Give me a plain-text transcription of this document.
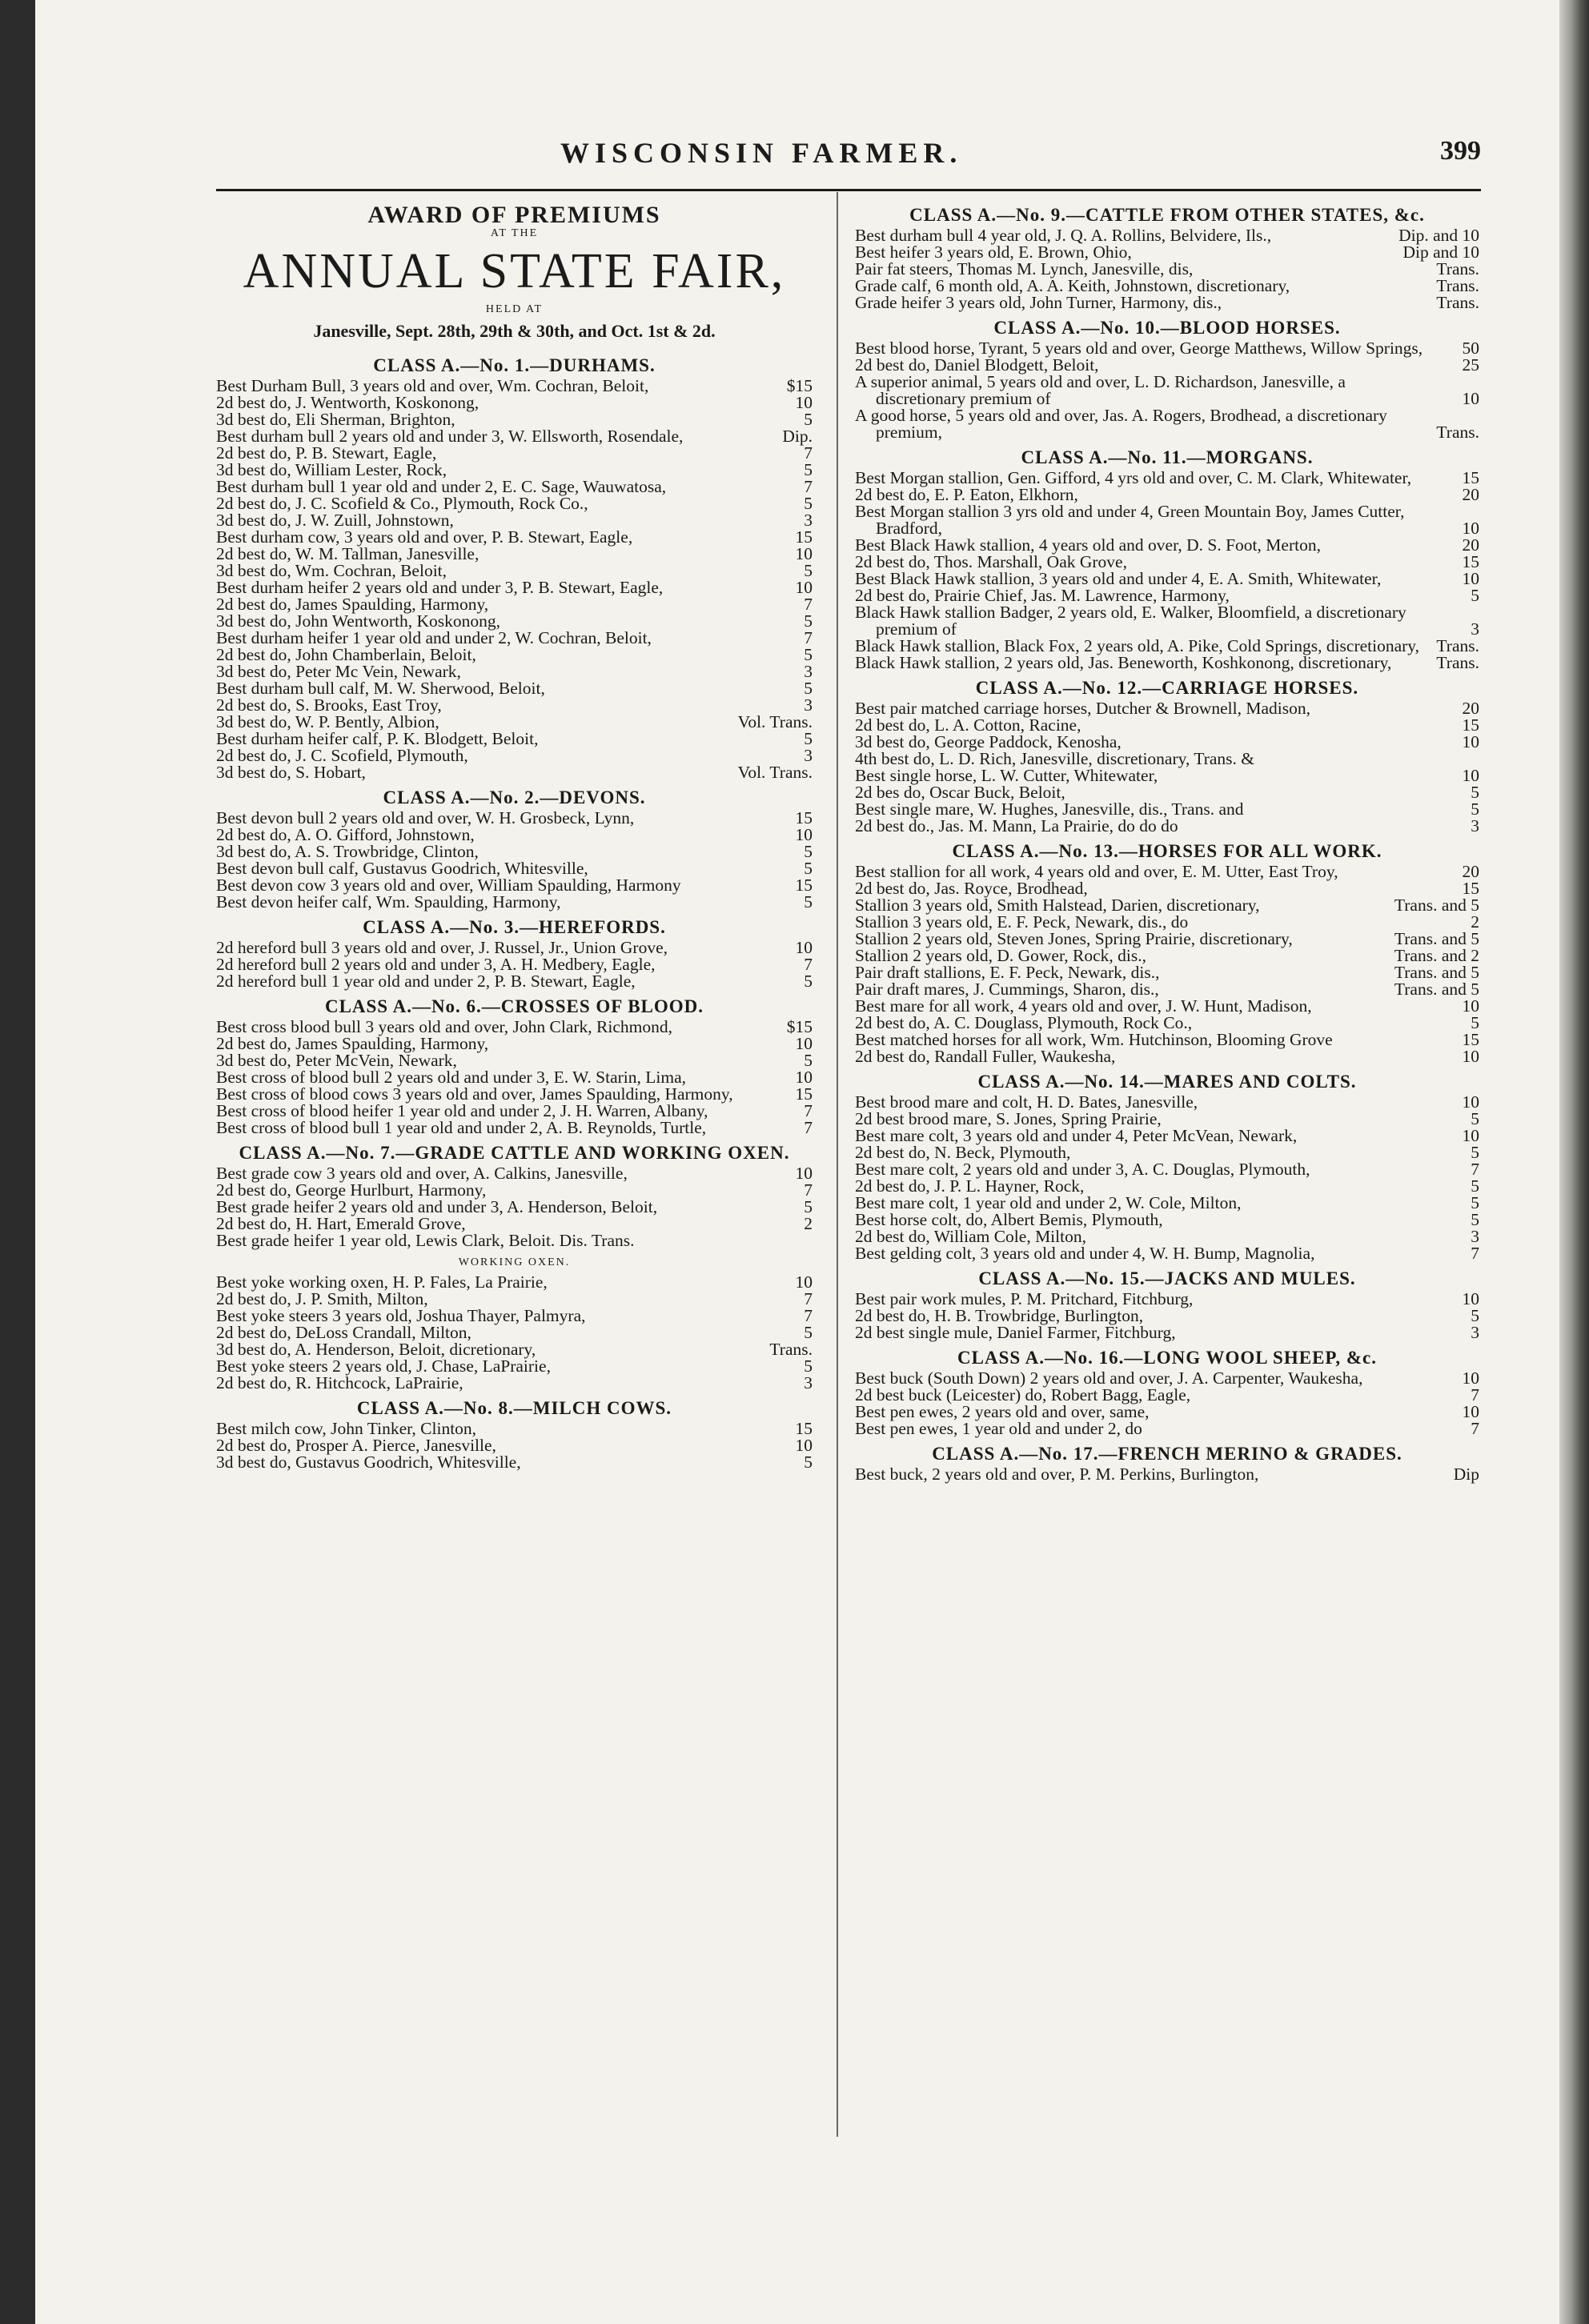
WISCONSIN FARMER.	399
AWARD OF PREMIUMS
AT THE
ANNUAL STATE FAIR,
HELD AT
Janesville, Sept. 28th, 29th & 30th, and Oct. 1st & 2d.
CLASS A.—No. 1.—DURHAMS.
Best Durham Bull, 3 years old and over, Wm. Cochran, Beloit,	$15
2d best do, J. Wentworth, Koskonong,	10
3d best do, Eli Sherman, Brighton,	5
Best durham bull 2 years old and under 3, W. Ellsworth, Rosendale,	Dip.
2d best do, P. B. Stewart, Eagle,	7
3d best do, William Lester, Rock,	5
Best durham bull 1 year old and under 2, E. C. Sage, Wauwatosa,	7
2d best do, J. C. Scofield & Co., Plymouth, Rock Co.,	5
3d best do, J. W. Zuill, Johnstown,	3
Best durham cow, 3 years old and over, P. B. Stewart, Eagle,	15
2d best do, W. M. Tallman, Janesville,	10
3d best do, Wm. Cochran, Beloit,	5
Best durham heifer 2 years old and under 3, P. B. Stewart, Eagle,	10
2d best do, James Spaulding, Harmony,	7
3d best do, John Wentworth, Koskonong,	5
Best durham heifer 1 year old and under 2, W. Cochran, Beloit,	7
2d best do, John Chamberlain, Beloit,	5
3d best do, Peter Mc Vein, Newark,	3
Best durham bull calf, M. W. Sherwood, Beloit,	5
2d best do, S. Brooks, East Troy,	3
3d best do, W. P. Bently, Albion,	Vol. Trans.
Best durham heifer calf, P. K. Blodgett, Beloit,	5
2d best do, J. C. Scofield, Plymouth,	3
3d best do, S. Hobart,	Vol. Trans.
CLASS A.—No. 2.—DEVONS.
Best devon bull 2 years old and over, W. H. Grosbeck, Lynn,	15
2d best do, A. O. Gifford, Johnstown,	10
3d best do, A. S. Trowbridge, Clinton,	5
Best devon bull calf, Gustavus Goodrich, Whitesville,	5
Best devon cow 3 years old and over, William Spaulding, Harmony	15
Best devon heifer calf, Wm. Spaulding, Harmony,	5
CLASS A.—No. 3.—HEREFORDS.
2d hereford bull 3 years old and over, J. Russel, Jr., Union Grove,	10
2d hereford bull 2 years old and under 3, A. H. Medbery, Eagle,	7
2d hereford bull 1 year old and under 2, P. B. Stewart, Eagle,	5
CLASS A.—No. 6.—CROSSES OF BLOOD.
Best cross blood bull 3 years old and over, John Clark, Richmond,	$15
2d best do, James Spaulding, Harmony,	10
3d best do, Peter McVein, Newark,	5
Best cross of blood bull 2 years old and under 3, E. W. Starin, Lima,	10
Best cross of blood cows 3 years old and over, James Spaulding, Harmony,	15
Best cross of blood heifer 1 year old and under 2, J. H. Warren, Albany,	7
Best cross of blood bull 1 year old and under 2, A. B. Reynolds, Turtle,	7
CLASS A.—No. 7.—GRADE CATTLE AND WORKING OXEN.
Best grade cow 3 years old and over, A. Calkins, Janesville,	10
2d best do, George Hurlburt, Harmony,	7
Best grade heifer 2 years old and under 3, A. Henderson, Beloit,	5
2d best do, H. Hart, Emerald Grove,	2
Best grade heifer 1 year old, Lewis Clark, Beloit. Dis. Trans.
WORKING OXEN.
Best yoke working oxen, H. P. Fales, La Prairie,	10
2d best do, J. P. Smith, Milton,	7
Best yoke steers 3 years old, Joshua Thayer, Palmyra,	7
2d best do, DeLoss Crandall, Milton,	5
3d best do, A. Henderson, Beloit, dicretionary,	Trans.
Best yoke steers 2 years old, J. Chase, LaPrairie,	5
2d best do, R. Hitchcock, LaPrairie,	3
CLASS A.—No. 8.—MILCH COWS.
Best milch cow, John Tinker, Clinton,	15
2d best do, Prosper A. Pierce, Janesville,	10
3d best do, Gustavus Goodrich, Whitesville,	5
CLASS A.—No. 9.—CATTLE FROM OTHER STATES, &c.
Best durham bull 4 year old, J. Q. A. Rollins, Belvidere, Ils.,	Dip. and 10
Best heifer 3 years old, E. Brown, Ohio,	Dip and 10
Pair fat steers, Thomas M. Lynch, Janesville, dis,	Trans.
Grade calf, 6 month old, A. A. Keith, Johnstown, discretionary,	Trans.
Grade heifer 3 years old, John Turner, Harmony, dis.,	Trans.
CLASS A.—No. 10.—BLOOD HORSES.
Best blood horse, Tyrant, 5 years old and over, George Matthews, Willow Springs, 50
2d best do, Daniel Blodgett, Beloit,	25
A superior animal, 5 years old and over, L. D. Richardson, Janesville, a discretionary premium of	10
A good horse, 5 years old and over, Jas. A. Rogers, Brodhead, a discretionary premium,	Trans.
CLASS A.—No. 11.—MORGANS.
Best Morgan stallion, Gen. Gifford, 4 yrs old and over, C. M. Clark, Whitewater,	15
2d best do, E. P. Eaton, Elkhorn,	20
Best Morgan stallion 3 yrs old and under 4, Green Mountain Boy, James Cutter, Bradford,	10
Best Black Hawk stallion, 4 years old and over, D. S. Foot, Merton,	20
2d best do, Thos. Marshall, Oak Grove,	15
Best Black Hawk stallion, 3 years old and under 4, E. A. Smith, Whitewater,	10
2d best do, Prairie Chief, Jas. M. Lawrence, Harmony,	5
Black Hawk stallion Badger, 2 years old, E. Walker, Bloomfield, a discretionary premium of	3
Black Hawk stallion, Black Fox, 2 years old, A. Pike, Cold Springs, discretionary, Trans.
Black Hawk stallion, 2 years old, Jas. Beneworth, Koshkonong, discretionary,	Trans.
CLASS A.—No. 12.—CARRIAGE HORSES.
Best pair matched carriage horses, Dutcher & Brownell, Madison,	20
2d best do, L. A. Cotton, Racine,	15
3d best do, George Paddock, Kenosha,	10
4th best do, L. D. Rich, Janesville, discretionary, Trans. &
Best single horse, L. W. Cutter, Whitewater,	10
2d bes do, Oscar Buck, Beloit,	5
Best single mare, W. Hughes, Janesville, dis., Trans. and	5
2d best do., Jas. M. Mann, La Prairie, do do do	3
CLASS A.—No. 13.—HORSES FOR ALL WORK.
Best stallion for all work, 4 years old and over, E. M. Utter, East Troy,	20
2d best do, Jas. Royce, Brodhead,	15
Stallion 3 years old, Smith Halstead, Darien, discretionary,	Trans. and 5
Stallion 3 years old, E. F. Peck, Newark, dis., do	2
Stallion 2 years old, Steven Jones, Spring Prairie, discretionary,	Trans. and 5
Stallion 2 years old, D. Gower, Rock, dis.,	Trans. and 2
Pair draft stallions, E. F. Peck, Newark, dis.,	Trans. and 5
Pair draft mares, J. Cummings, Sharon, dis.,	Trans. and 5
Best mare for all work, 4 years old and over, J. W. Hunt, Madison,	10
2d best do, A. C. Douglass, Plymouth, Rock Co.,	5
Best matched horses for all work, Wm. Hutchinson, Blooming Grove	15
2d best do, Randall Fuller, Waukesha,	10
CLASS A.—No. 14.—MARES AND COLTS.
Best brood mare and colt, H. D. Bates, Janesville,	10
2d best brood mare, S. Jones, Spring Prairie,	5
Best mare colt, 3 years old and under 4, Peter McVean, Newark,	10
2d best do, N. Beck, Plymouth,	5
Best mare colt, 2 years old and under 3, A. C. Douglas, Plymouth,	7
2d best do, J. P. L. Hayner, Rock,	5
Best mare colt, 1 year old and under 2, W. Cole, Milton,	5
Best horse colt, do, Albert Bemis, Plymouth,	5
2d best do, William Cole, Milton,	3
Best gelding colt, 3 years old and under 4, W. H. Bump, Magnolia,	7
CLASS A.—No. 15.—JACKS AND MULES.
Best pair work mules, P. M. Pritchard, Fitchburg,	10
2d best do, H. B. Trowbridge, Burlington,	5
2d best single mule, Daniel Farmer, Fitchburg,	3
CLASS A.—No. 16.—LONG WOOL SHEEP, &c.
Best buck (South Down) 2 years old and over, J. A. Carpenter, Waukesha,	10
2d best buck (Leicester) do, Robert Bagg, Eagle,	7
Best pen ewes, 2 years old and over, same,	10
Best pen ewes, 1 year old and under 2, do	7
CLASS A.—No. 17.—FRENCH MERINO & GRADES.
Best buck, 2 years old and over, P. M. Perkins, Burlington,	Dip
